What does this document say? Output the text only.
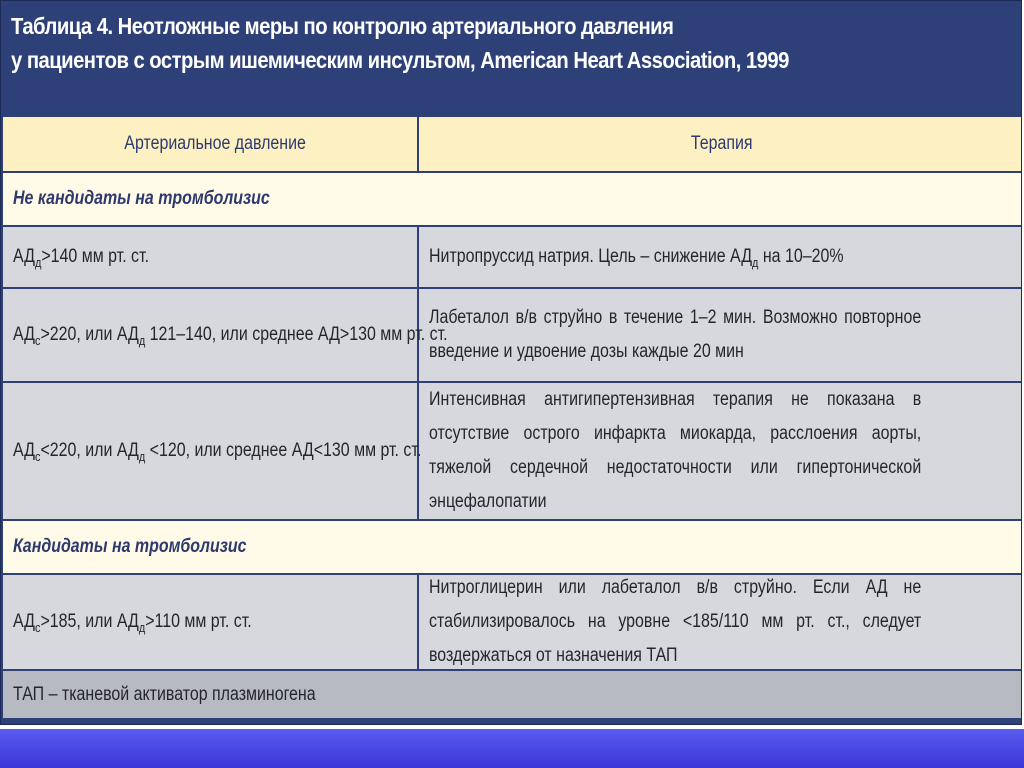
Таблица 4. Неотложные меры по контролю артериального давления
у пациентов с острым ишемическим инсультом, American Heart Association, 1999
Артериальное давление	Терапия
Не кандидаты на тромболизис
$АД_д>140$ мм рт. ст.	Нитропруссид натрия. Цель – снижение $АД_д$ на 10–20%
$АД_с>220$, или $АД_д$ 121–140, или среднее АД>130 мм рт. ст.
Лабеталол в/в струйно в течение 1–2 мин. Возможно повторное введение и удвоение дозы каждые 20 мин
$АД_с<220$, или $АД_д <120$, или среднее АД<130 мм рт. ст.
Интенсивная антигипертензивная терапия не показана в отсутствие острого инфаркта миокарда, расслоения аорты, тяжелой сердечной недостаточности или гипертонической энцефалопатии
Кандидаты на тромболизис
$АД_с>185$, или $АД_д>110$ мм рт. ст.
Нитроглицерин или лабеталол в/в струйно. Если АД не стабилизировалось на уровне <185/110 мм рт. ст., следует воздержаться от назначения ТАП
ТАП – тканевой активатор плазминогена
